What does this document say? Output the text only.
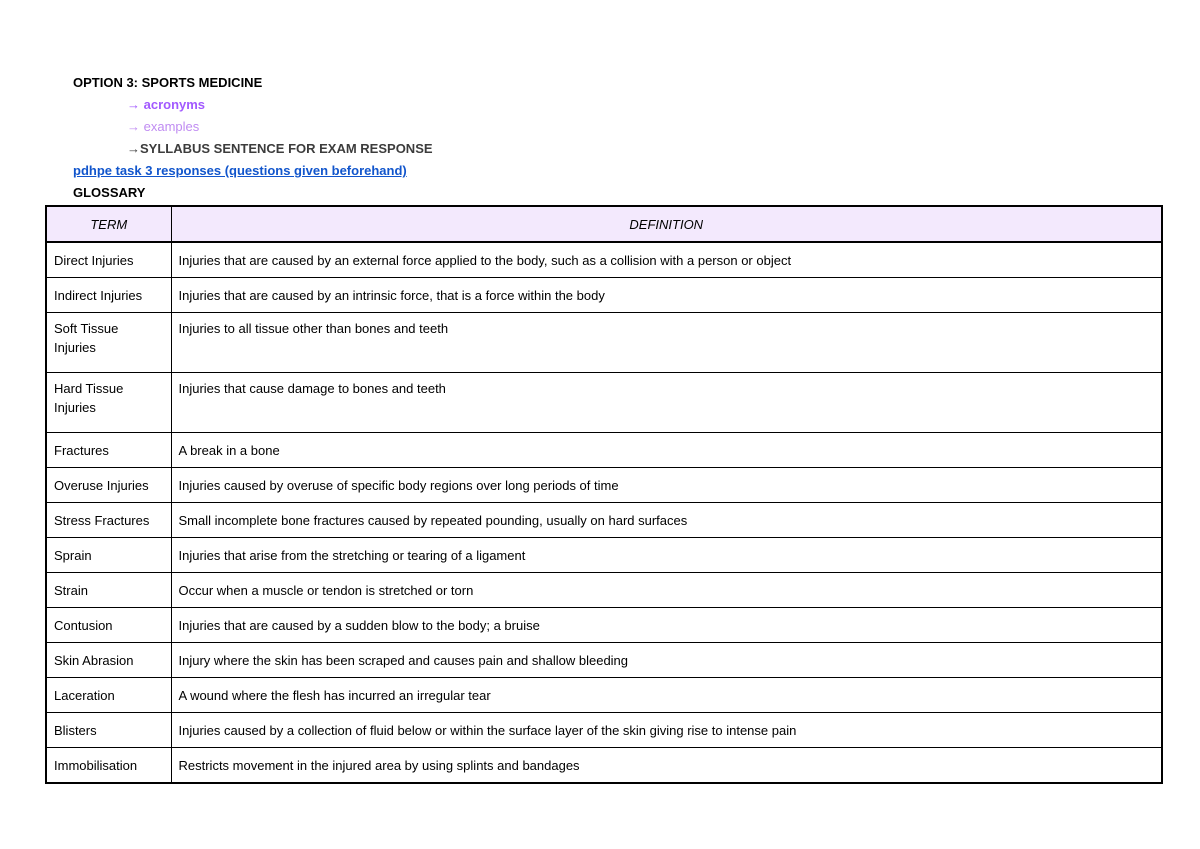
OPTION 3: SPORTS MEDICINE
→ acronyms
→ examples
→SYLLABUS SENTENCE FOR EXAM RESPONSE
pdhpe task 3 responses (questions given beforehand)
GLOSSARY
TERM	DEFINITION
Direct Injuries	Injuries that are caused by an external force applied to the body, such as a collision with a person or object
Indirect Injuries	Injuries that are caused by an intrinsic force, that is a force within the body
Soft Tissue Injuries	Injuries to all tissue other than bones and teeth
Hard Tissue Injuries	Injuries that cause damage to bones and teeth
Fractures	A break in a bone
Overuse Injuries	Injuries caused by overuse of specific body regions over long periods of time
Stress Fractures	Small incomplete bone fractures caused by repeated pounding, usually on hard surfaces
Sprain	Injuries that arise from the stretching or tearing of a ligament
Strain	Occur when a muscle or tendon is stretched or torn
Contusion	Injuries that are caused by a sudden blow to the body; a bruise
Skin Abrasion	Injury where the skin has been scraped and causes pain and shallow bleeding
Laceration	A wound where the flesh has incurred an irregular tear
Blisters	Injuries caused by a collection of fluid below or within the surface layer of the skin giving rise to intense pain
Immobilisation	Restricts movement in the injured area by using splints and bandages
